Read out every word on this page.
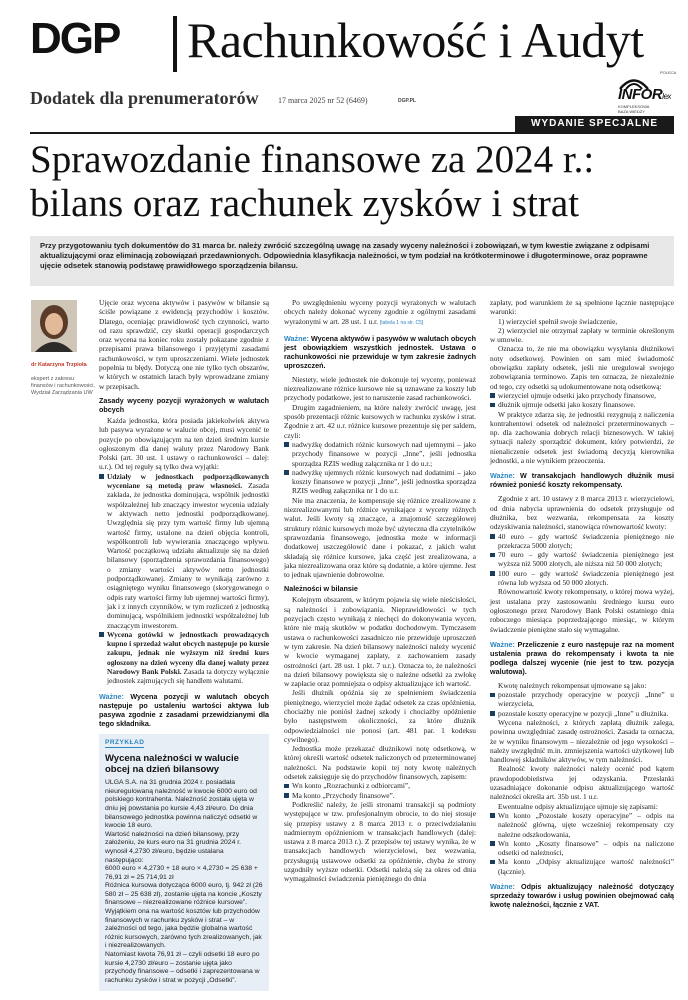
DGP Rachunkowość i Audyt
Dodatek dla prenumeratorów 17 marca 2025 nr 52 (6469)	DGP.PL
POLECA
INFORlex
KOMPLEKSOWA BAZA WIEDZY
WYDANIE SPECJALNE
Sprawozdanie finansowe za 2024 r.:
bilans oraz rachunek zysków i strat
Przy przygotowaniu tych dokumentów do 31 marca br. należy zwrócić szczególną uwagę na zasady wyceny należności i zobowiązań, w tym kwestie związane z odpisami aktualizującymi oraz eliminacją zobowiązań przedawnionych. Odpowiednia klasyfikacja należności, w tym podział na krótkoterminowe i długoterminowe, oraz poprawne ujęcie odsetek stanowią podstawę prawidłowego sporządzenia bilansu.
dr Katarzyna Trzpioła
ekspert z zakresu finansów i rachunkowości, Wydział Zarządzania UW

Ujęcie oraz wycena aktywów i pasywów w bilansie są ściśle powiązane z ewidencją przychodów i kosztów. Dlatego, oceniając prawidłowość tych czynności, warto od razu sprawdzić, czy skutki operacji gospodarczych oraz wycena na koniec roku zostały pokazane zgodnie z przepisami prawa bilansowego i przyjętymi zasadami rachunkowości, w tym uproszczeniami. Wiele jednostek popełnia tu błędy. Dotyczą one nie tylko tych obszarów, w których w ostatnich latach były wprowadzane zmiany w przepisach.

Zasady wyceny pozycji wyrażonych w walutach obcych

Każda jednostka, która posiada jakiekolwiek aktywa lub pasywa wyrażone w walucie obcej, musi wycenić te pozycje po obowiązującym na ten dzień średnim kursie ogłoszonym dla danej waluty przez Narodowy Bank Polski (art. 30 ust. 1 ustawy o rachunkowości – dalej: u.r.). Od tej reguły są tylko dwa wyjątki:

Udziały w jednostkach podporządkowanych wyceniane są metodą praw własności. Zasada zakłada, że jednostka dominująca, wspólnik jednostki współzależnej lub znaczący inwestor wycenia udziały w aktywach netto jednostki podporządkowanej. Uwzględnia się przy tym wartość firmy lub ujemną wartość firmy, ustalone na dzień objęcia kontroli, współkontroli lub wywierania znaczącego wpływu. Wartość początkową udziału aktualizuje się na dzień bilansowy (sporządzenia sprawozdania finansowego) o zmiany wartości aktywów netto jednostki podporządkowanej. Zmiany te wynikają zarówno z osiągniętego wyniku finansowego (skorygowanego o odpis raty wartości firmy lub ujemnej wartości firmy), jak i z innych czynników, w tym rozliczeń z jednostką dominującą, wspólnikiem jednostki współzależnej lub znaczącym inwestorem.
Wycena gotówki w jednostkach prowadzących kupno i sprzedaż walut obcych następuje po kursie zakupu, jednak nie wyższym niż średni kurs ogłoszony na dzień wyceny dla danej waluty przez Narodowy Bank Polski. Zasada ta dotyczy wyłącznie jednostek zajmujących się handlem walutami.
Ważne: Wycena pozycji w walutach obcych następuje po ustaleniu wartości aktywa lub pasywa zgodnie z zasadami przewidzianymi dla tego składnika.
PRZYKŁAD
Wycena należności w walucie obcej na dzień bilansowy

ULGA S.A. na 31 grudnia 2024 r. posiadała nieuregulowaną należność w kwocie 6000 euro od polskiego kontrahenta. Należność została ujęta w dniu jej powstania po kursie 4,43 zł/euro. Do dnia bilansowego jednostka powinna naliczyć odsetki w kwocie 18 euro.

Wartość należności na dzień bilansowy, przy założeniu, że kurs euro na 31 grudnia 2024 r. wynosił 4,2730 zł/euro, będzie ustalana następująco:

6000 euro × 4,2730 + 18 euro × 4,2730 = 25 638 + 76,91 zł = 25 714,91 zł

Różnica kursowa dotycząca 6000 euro, tj. 942 zł (26 580 zł – 25 638 zł), zostanie ujęta na koncie „Koszty finansowe – niezrealizowane różnice kursowe”. Wyjątkiem ona na wartość kosztów lub przychodów finansowych w rachunku zysków i strat – w zależności od tego, jaka będzie globalna wartość różnic kursowych, zarówno tych zrealizowanych, jak i niezrealizowanych.

Natomiast kwota 76,91 zł – czyli odsetki 18 euro po kursie 4,2730 zł/euro – zostanie ujęta jako przychody finansowe – odsetki i zaprezentowana w rachunku zysków i strat w pozycji „Odsetki”.

Po uwzględnieniu wyceny pozycji wyrażonych w walutach obcych należy dokonać wyceny zgodnie z ogólnymi zasadami wyrażonymi w art. 28 ust. 1 u.r. [tabela 1 na str. C5]

Ważne: Wycena aktywów i pasywów w walutach obcych jest obowiązkiem wszystkich jednostek. Ustawa o rachunkowości nie przewiduje w tym zakresie żadnych uproszczeń.

Niestety, wiele jednostek nie dokonuje tej wyceny, ponieważ niezrealizowane różnice kursowe nie są uznawane za koszty lub przychody podatkowe, jest to naruszenie zasad rachunkowości.

Drugim zagadnieniem, na które należy zwrócić uwagę, jest sposób prezentacji różnic kursowych w rachunku zysków i strat. Zgodnie z art. 42 u.r. różnice kursowe prezentuje się per saldem, czyli:

nadwyżkę dodatnich różnic kursowych nad ujemnymi – jako przychody finansowe w pozycji „Inne”, jeśli jednostka sporządza RZIS według załącznika nr 1 do u.r.;
nadwyżkę ujemnych różnic kursowych nad dodatnimi – jako koszty finansowe w pozycji „Inne”, jeśli jednostka sporządza RZIS według załącznika nr 1 do u.r.

Nie ma znaczenia, że kompensuje się różnice zrealizowane z niezrealizowanymi lub różnice wynikające z wyceny różnych walut. Jeśli kwoty są znaczące, a znajomość szczegółowej struktury różnic kursowych może być użyteczna dla czytelników sprawozdania finansowego, jednostka może w informacji dodatkowej uszczegółowić dane i pokazać, z jakich walut składają się różnice kursowe, jaka część jest zrealizowana, a jaka niezrealizowana oraz które są dodatnie, a które ujemne. Jest to jednak ujawnienie dobrowolne.

Należności w bilansie

Kolejnym obszarem, w którym pojawia się wiele nieścisłości, są należności i zobowiązania. Nieprawidłowości w tych pozycjach często wynikają z niechęci do dokonywania wycen, które nie mają skutków w podatku dochodowym. Tymczasem ustawa o rachunkowości zasadniczo nie przewiduje uproszczeń w tym zakresie. Na dzień bilansowy należności należy wycenić w kwocie wymaganej zapłaty, z zachowaniem zasady ostrożności (art. 28 ust. 1 pkt. 7 u.r.). Oznacza to, że należności na dzień bilansowy powiększa się o należne odsetki za zwłokę w zapłacie oraz pomniejsza o odpisy aktualizujące ich wartość.

Jeśli dłużnik opóźnia się ze spełnieniem świadczenia pieniężnego, wierzyciel może żądać odsetek za czas opóźnienia, chociażby nie poniósł żadnej szkody i chociażby opóźnienie było następstwem okoliczności, za które dłużnik odpowiedzialności nie ponosi (art. 481 par. 1 kodeksu cywilnego).

Jednostka może przekazać dłużnikowi notę odsetkową, w której określi wartość odsetek naliczonych od przeterminowanej należności. Na podstawie kopii tej noty kwotę należnych odsetek zaksięguje się do przychodów finansowych, zapisem:

Wn konto „Rozrachunki z odbiorcami”,
Ma konto „Przychody finansowe”.

Podkreślić należy, że jeśli stronami transakcji są podmioty występujące w tzw. profesjonalnym obrocie, to do niej stosuje się przepisy ustawy z 8 marca 2013 r. o przeciwdziałaniu nadmiernym opóźnieniom w transakcjach handlowych (dalej: ustawa z 8 marca 2013 r.). Z przepisów tej ustawy wynika, że w transakcjach handlowych wierzycielowi, bez wezwania, przysługują ustawowe odsetki za opóźnienie, chyba że strony uzgodniły wyższe odsetki. Odsetki należą się za okres od dnia wymagalności świadczenia pieniężnego do dnia

zapłaty, pod warunkiem że są spełnione łącznie następujące warunki:

1) wierzyciel spełnił swoje świadczenie,

2) wierzyciel nie otrzymał zapłaty w terminie określonym w umowie.

Oznacza to, że nie ma obowiązku wysyłania dłużnikowi noty odsetkowej. Powinien on sam mieć świadomość obowiązku zapłaty odsetek, jeśli nie uregulował swojego zobowiązania terminowo. Zapis ten oznacza, że niezależnie od tego, czy odsetki są udokumentowane notą odsetkową:

wierzyciel ujmuje odsetki jako przychody finansowe,
dłużnik ujmuje odsetki jako koszty finansowe.

W praktyce zdarza się, że jednostki rezygnują z naliczenia kontrahentowi odsetek od należności przeterminowanych – np. dla zachowania dobrych relacji biznesowych. W takiej sytuacji należy sporządzić dokument, który potwierdzi, że nienaliczenie odsetek jest świadomą decyzją kierownika jednostki, a nie wynikiem przeoczenia.

Ważne: W transakcjach handlowych dłużnik musi również ponieść koszty rekompensaty.

Zgodnie z art. 10 ustawy z 8 marca 2013 r. wierzycielowi, od dnia nabycia uprawnienia do odsetek przysługuje od dłużnika, bez wezwania, rekompensata za koszty odzyskiwania należności, stanowiąca równowartość kwoty:

40 euro – gdy wartość świadczenia pieniężnego nie przekracza 5000 złotych;
70 euro – gdy wartość świadczenia pieniężnego jest wyższa niż 5000 złotych, ale niższa niż 50 000 złotych;
100 euro – gdy wartość świadczenia pieniężnego jest równa lub wyższa od 50 000 złotych.

Równowartość kwoty rekompensaty, o której mowa wyżej, jest ustalana przy zastosowaniu średniego kursu euro ogłoszonego przez Narodowy Bank Polski ostatniego dnia roboczego miesiąca poprzedzającego miesiąc, w którym świadczenie pieniężne stało się wymagalne.

Ważne: Przeliczenie z euro następuje raz na moment ustalenia prawa do rekompensaty i kwota ta nie podlega dalszej wycenie (nie jest to tzw. pozycja walutowa).

Kwotę należnych rekompensat ujmowane są jako:

pozostałe przychody operacyjne w pozycji „Inne” u wierzyciela,
pozostałe koszty operacyjne w pozycji „Inne” u dłużnika.

Wycena należności, z których zapłatą dłużnik zalega, powinna uwzględniać zasadę ostrożności. Zasada ta oznacza, że w wyniku finansowym – niezależnie od jego wysokości – należy uwzględnić m.in. zmniejszenia wartości użytkowej lub handlowej składników aktywów, w tym należności.

Realność kwoty należności należy ocenić pod kątem prawdopodobieństwa jej odzyskania. Przesłanki uzasadniające dokonanie odpisu aktualizującego wartość należności określa art. 35b ust. 1 u.r.

Ewentualne odpisy aktualizujące ujmuje się zapisami:

Wn konto „Pozostałe koszty operacyjne” – odpis na należność główną, ujęte wcześniej rekompensaty czy należne odszkodowania,
Wn konto „Koszty finansowe” – odpis na naliczone odsetki od należności,
Ma konto „Odpisy aktualizujące wartość należności” (łącznie).
Ważne: Odpis aktualizujący należność dotyczący sprzedaży towarów i usług powinien obejmować całą kwotę należności, łącznie z VAT.
